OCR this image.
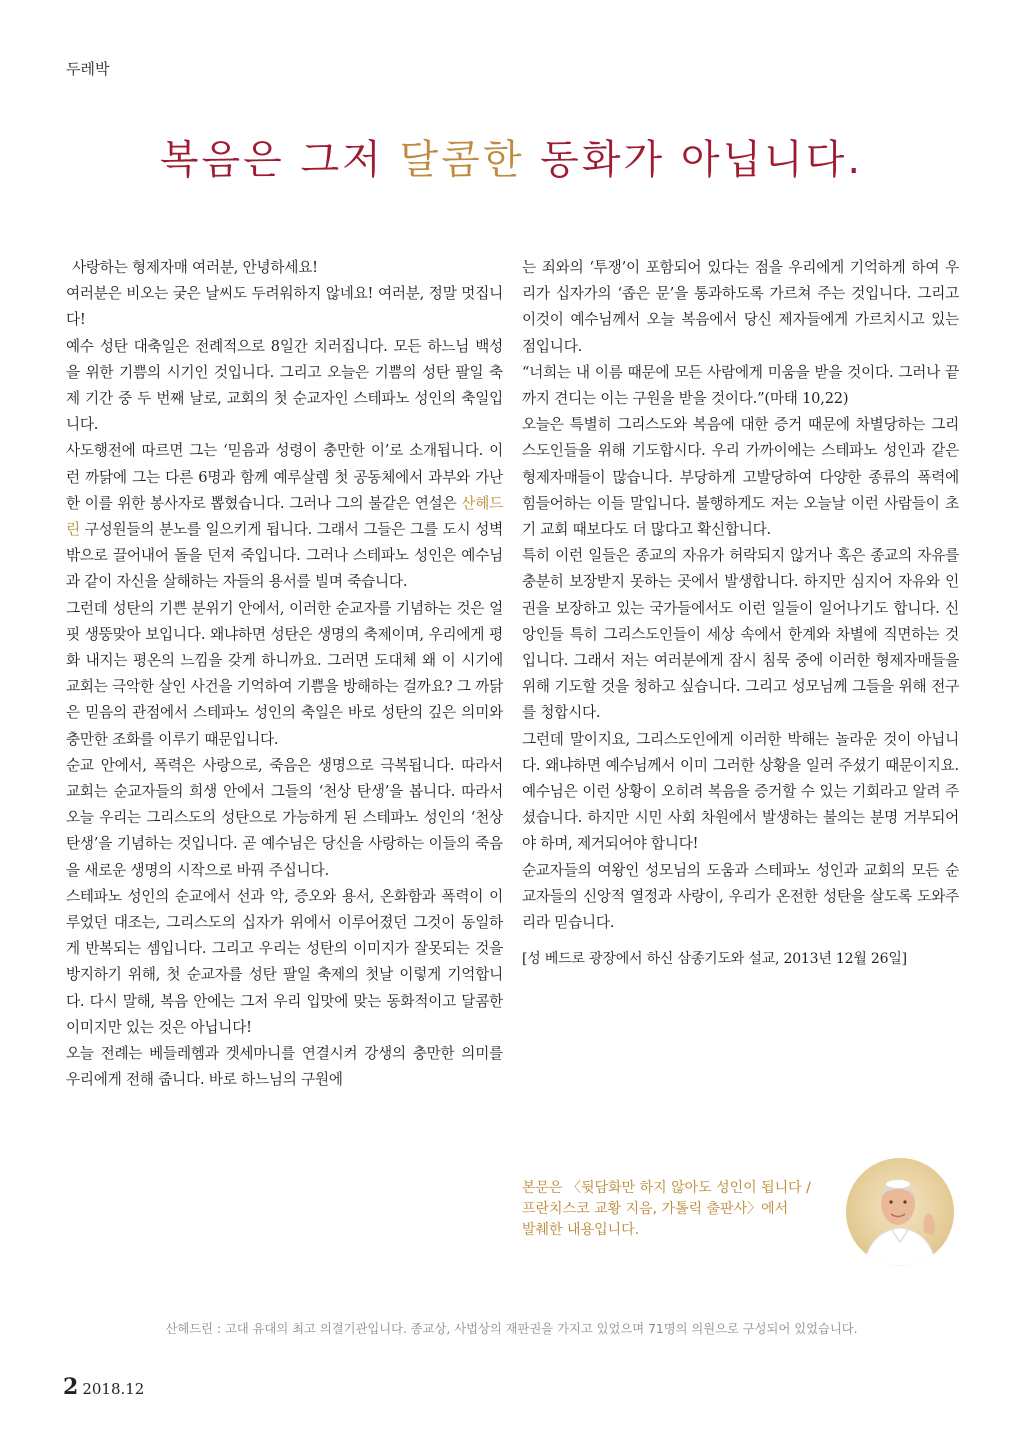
두레박
복음은 그저 달콤한 동화가 아닙니다.

사랑하는 형제자매 여러분, 안녕하세요!

여러분은 비오는 궂은 날씨도 두려워하지 않네요! 여러분, 정말 멋집니다!

예수 성탄 대축일은 전례적으로 8일간 치러집니다. 모든 하느님 백성을 위한 기쁨의 시기인 것입니다. 그리고 오늘은 기쁨의 성탄 팔일 축제 기간 중 두 번째 날로, 교회의 첫 순교자인 스테파노 성인의 축일입니다.

사도행전에 따르면 그는 ‘믿음과 성령이 충만한 이’로 소개됩니다. 이런 까닭에 그는 다른 6명과 함께 예루살렘 첫 공동체에서 과부와 가난한 이를 위한 봉사자로 뽑혔습니다. 그러나 그의 불같은 연설은 산헤드린 구성원들의 분노를 일으키게 됩니다. 그래서 그들은 그를 도시 성벽 밖으로 끌어내어 돌을 던져 죽입니다. 그러나 스테파노 성인은 예수님과 같이 자신을 살해하는 자들의 용서를 빌며 죽습니다.

그런데 성탄의 기쁜 분위기 안에서, 이러한 순교자를 기념하는 것은 얼핏 생뚱맞아 보입니다. 왜냐하면 성탄은 생명의 축제이며, 우리에게 평화 내지는 평온의 느낌을 갖게 하니까요. 그러면 도대체 왜 이 시기에 교회는 극악한 살인 사건을 기억하여 기쁨을 방해하는 걸까요? 그 까닭은 믿음의 관점에서 스테파노 성인의 축일은 바로 성탄의 깊은 의미와 충만한 조화를 이루기 때문입니다.

순교 안에서, 폭력은 사랑으로, 죽음은 생명으로 극복됩니다. 따라서 교회는 순교자들의 희생 안에서 그들의 ‘천상 탄생’을 봅니다. 따라서 오늘 우리는 그리스도의 성탄으로 가능하게 된 스테파노 성인의 ‘천상 탄생’을 기념하는 것입니다. 곧 예수님은 당신을 사랑하는 이들의 죽음을 새로운 생명의 시작으로 바꿔 주십니다.

스테파노 성인의 순교에서 선과 악, 증오와 용서, 온화함과 폭력이 이루었던 대조는, 그리스도의 십자가 위에서 이루어졌던 그것이 동일하게 반복되는 셈입니다. 그리고 우리는 성탄의 이미지가 잘못되는 것을 방지하기 위해, 첫 순교자를 성탄 팔일 축제의 첫날 이렇게 기억합니다. 다시 말해, 복음 안에는 그저 우리 입맛에 맞는 동화적이고 달콤한 이미지만 있는 것은 아닙니다!

오늘 전례는 베들레헴과 겟세마니를 연결시켜 강생의 충만한 의미를 우리에게 전해 줍니다. 바로 하느님의 구원에

는 죄와의 ‘투쟁’이 포함되어 있다는 점을 우리에게 기억하게 하여 우리가 십자가의 ‘좁은 문’을 통과하도록 가르쳐 주는 것입니다. 그리고 이것이 예수님께서 오늘 복음에서 당신 제자들에게 가르치시고 있는 점입니다.

“너희는 내 이름 때문에 모든 사람에게 미움을 받을 것이다. 그러나 끝까지 견디는 이는 구원을 받을 것이다.”(마태 10,22)

오늘은 특별히 그리스도와 복음에 대한 증거 때문에 차별당하는 그리스도인들을 위해 기도합시다. 우리 가까이에는 스테파노 성인과 같은 형제자매들이 많습니다. 부당하게 고발당하여 다양한 종류의 폭력에 힘들어하는 이들 말입니다. 불행하게도 저는 오늘날 이런 사람들이 초기 교회 때보다도 더 많다고 확신합니다.

특히 이런 일들은 종교의 자유가 허락되지 않거나 혹은 종교의 자유를 충분히 보장받지 못하는 곳에서 발생합니다. 하지만 심지어 자유와 인권을 보장하고 있는 국가들에서도 이런 일들이 일어나기도 합니다. 신앙인들 특히 그리스도인들이 세상 속에서 한계와 차별에 직면하는 것입니다. 그래서 저는 여러분에게 잠시 침묵 중에 이러한 형제자매들을 위해 기도할 것을 청하고 싶습니다. 그리고 성모님께 그들을 위해 전구를 청합시다.

그런데 말이지요, 그리스도인에게 이러한 박해는 놀라운 것이 아닙니다. 왜냐하면 예수님께서 이미 그러한 상황을 일러 주셨기 때문이지요. 예수님은 이런 상황이 오히려 복음을 증거할 수 있는 기회라고 알려 주셨습니다. 하지만 시민 사회 차원에서 발생하는 불의는 분명 거부되어야 하며, 제거되어야 합니다!

순교자들의 여왕인 성모님의 도움과 스테파노 성인과 교회의 모든 순교자들의 신앙적 열정과 사랑이, 우리가 온전한 성탄을 살도록 도와주리라 믿습니다.

[성 베드로 광장에서 하신 삼종기도와 설교, 2013년 12월 26일]

본문은 〈뒷담화만 하지 않아도 성인이 됩니다 /
프란치스코 교황 지음, 가톨릭 출판사〉에서
발췌한 내용입니다.
산헤드린 : 고대 유대의 최고 의결기관입니다. 종교상, 사법상의 재판권을 가지고 있었으며 71명의 의원으로 구성되어 있었습니다.
2 2018.12
